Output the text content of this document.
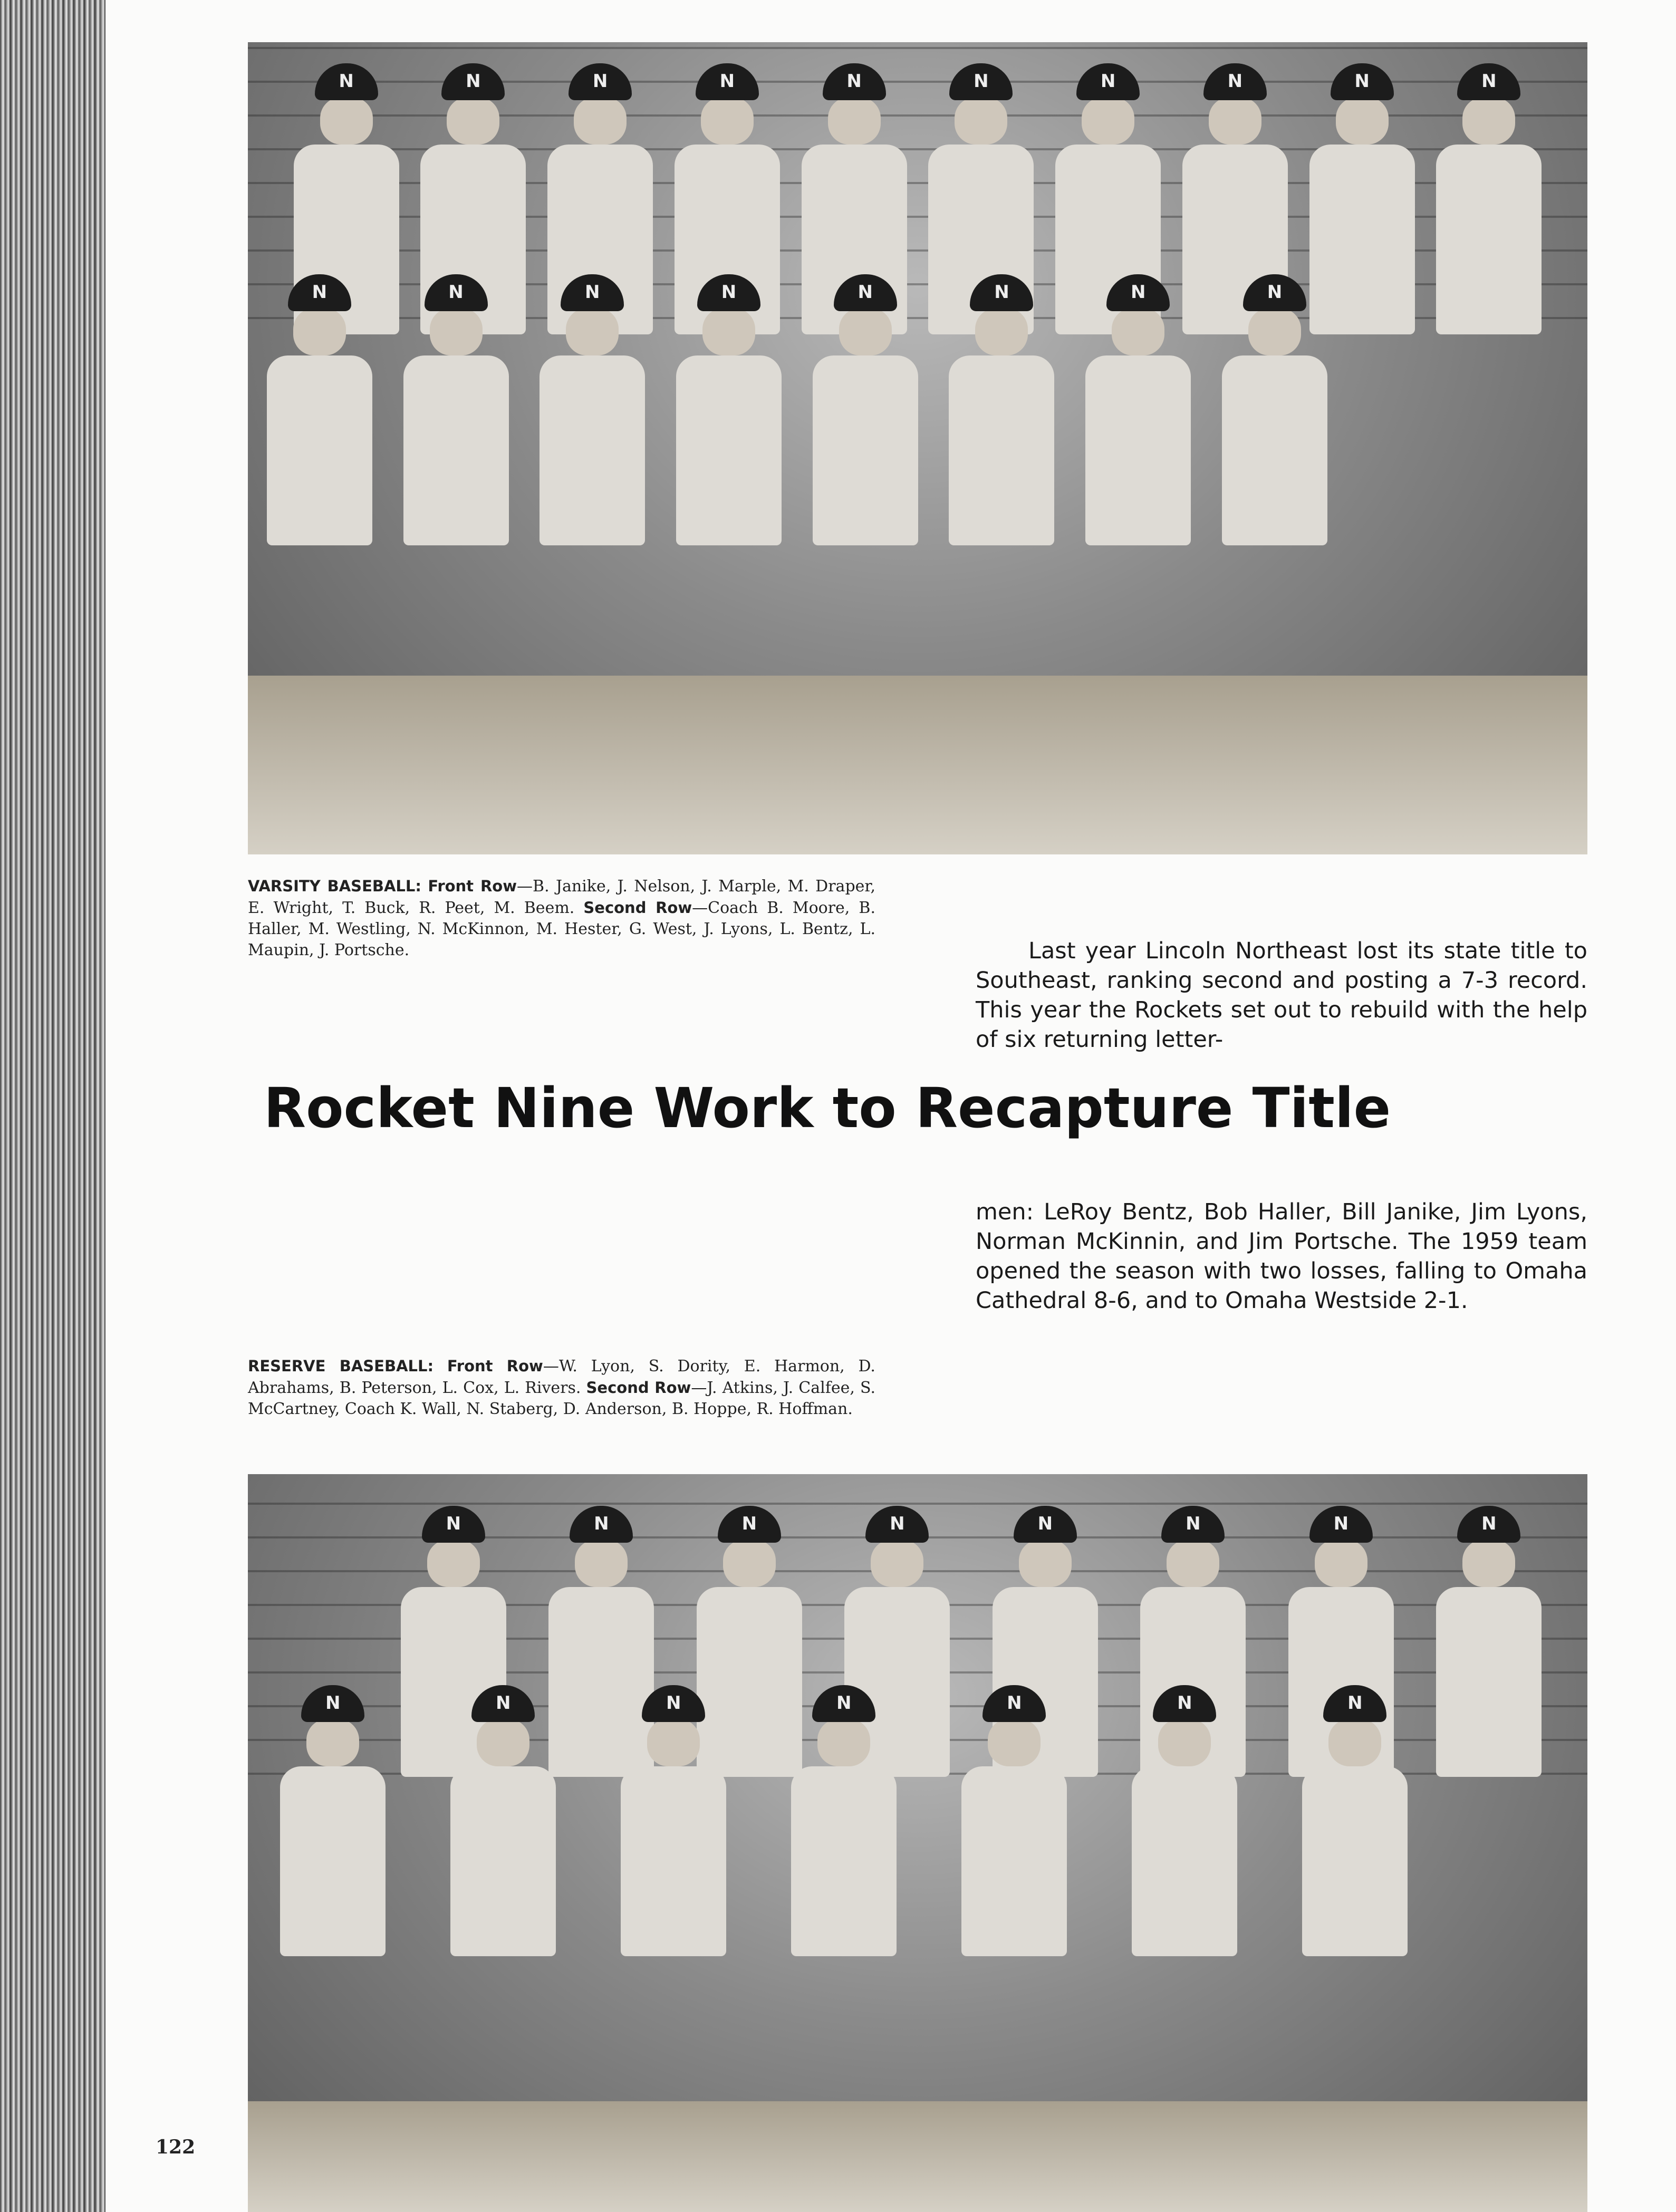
N
N
N
N
N
N
N
N
N
N
N
N
N
N
N
N
N
N
VARSITY BASEBALL: Front Row—B. Janike, J. Nelson, J. Marple, M. Draper, E. Wright, T. Buck, R. Peet, M. Beem. Second Row—Coach B. Moore, B. Haller, M. Westling, N. McKinnon, M. Hester, G. West, J. Lyons, L. Bentz, L. Maupin, J. Portsche.	Last year Lincoln Northeast lost its state title to Southeast, ranking second and posting a 7-3 record. This year the Rockets set out to rebuild with the help of six returning letter-
Rocket Nine Work to Recapture Title
men: LeRoy Bentz, Bob Haller, Bill Janike, Jim Lyons, Norman McKinnin, and Jim Portsche. The 1959 team opened the season with two losses, falling to Omaha Cathedral 8-6, and to Omaha Westside 2-1.
RESERVE BASEBALL: Front Row—W. Lyon, S. Dority, E. Harmon, D. Abrahams, B. Peterson, L. Cox, L. Rivers. Second Row—J. Atkins, J. Calfee, S. McCartney, Coach K. Wall, N. Staberg, D. Anderson, B. Hoppe, R. Hoffman.
N
N
N
N
N
N
N
N
N
N
N
N
N
N
N
122
